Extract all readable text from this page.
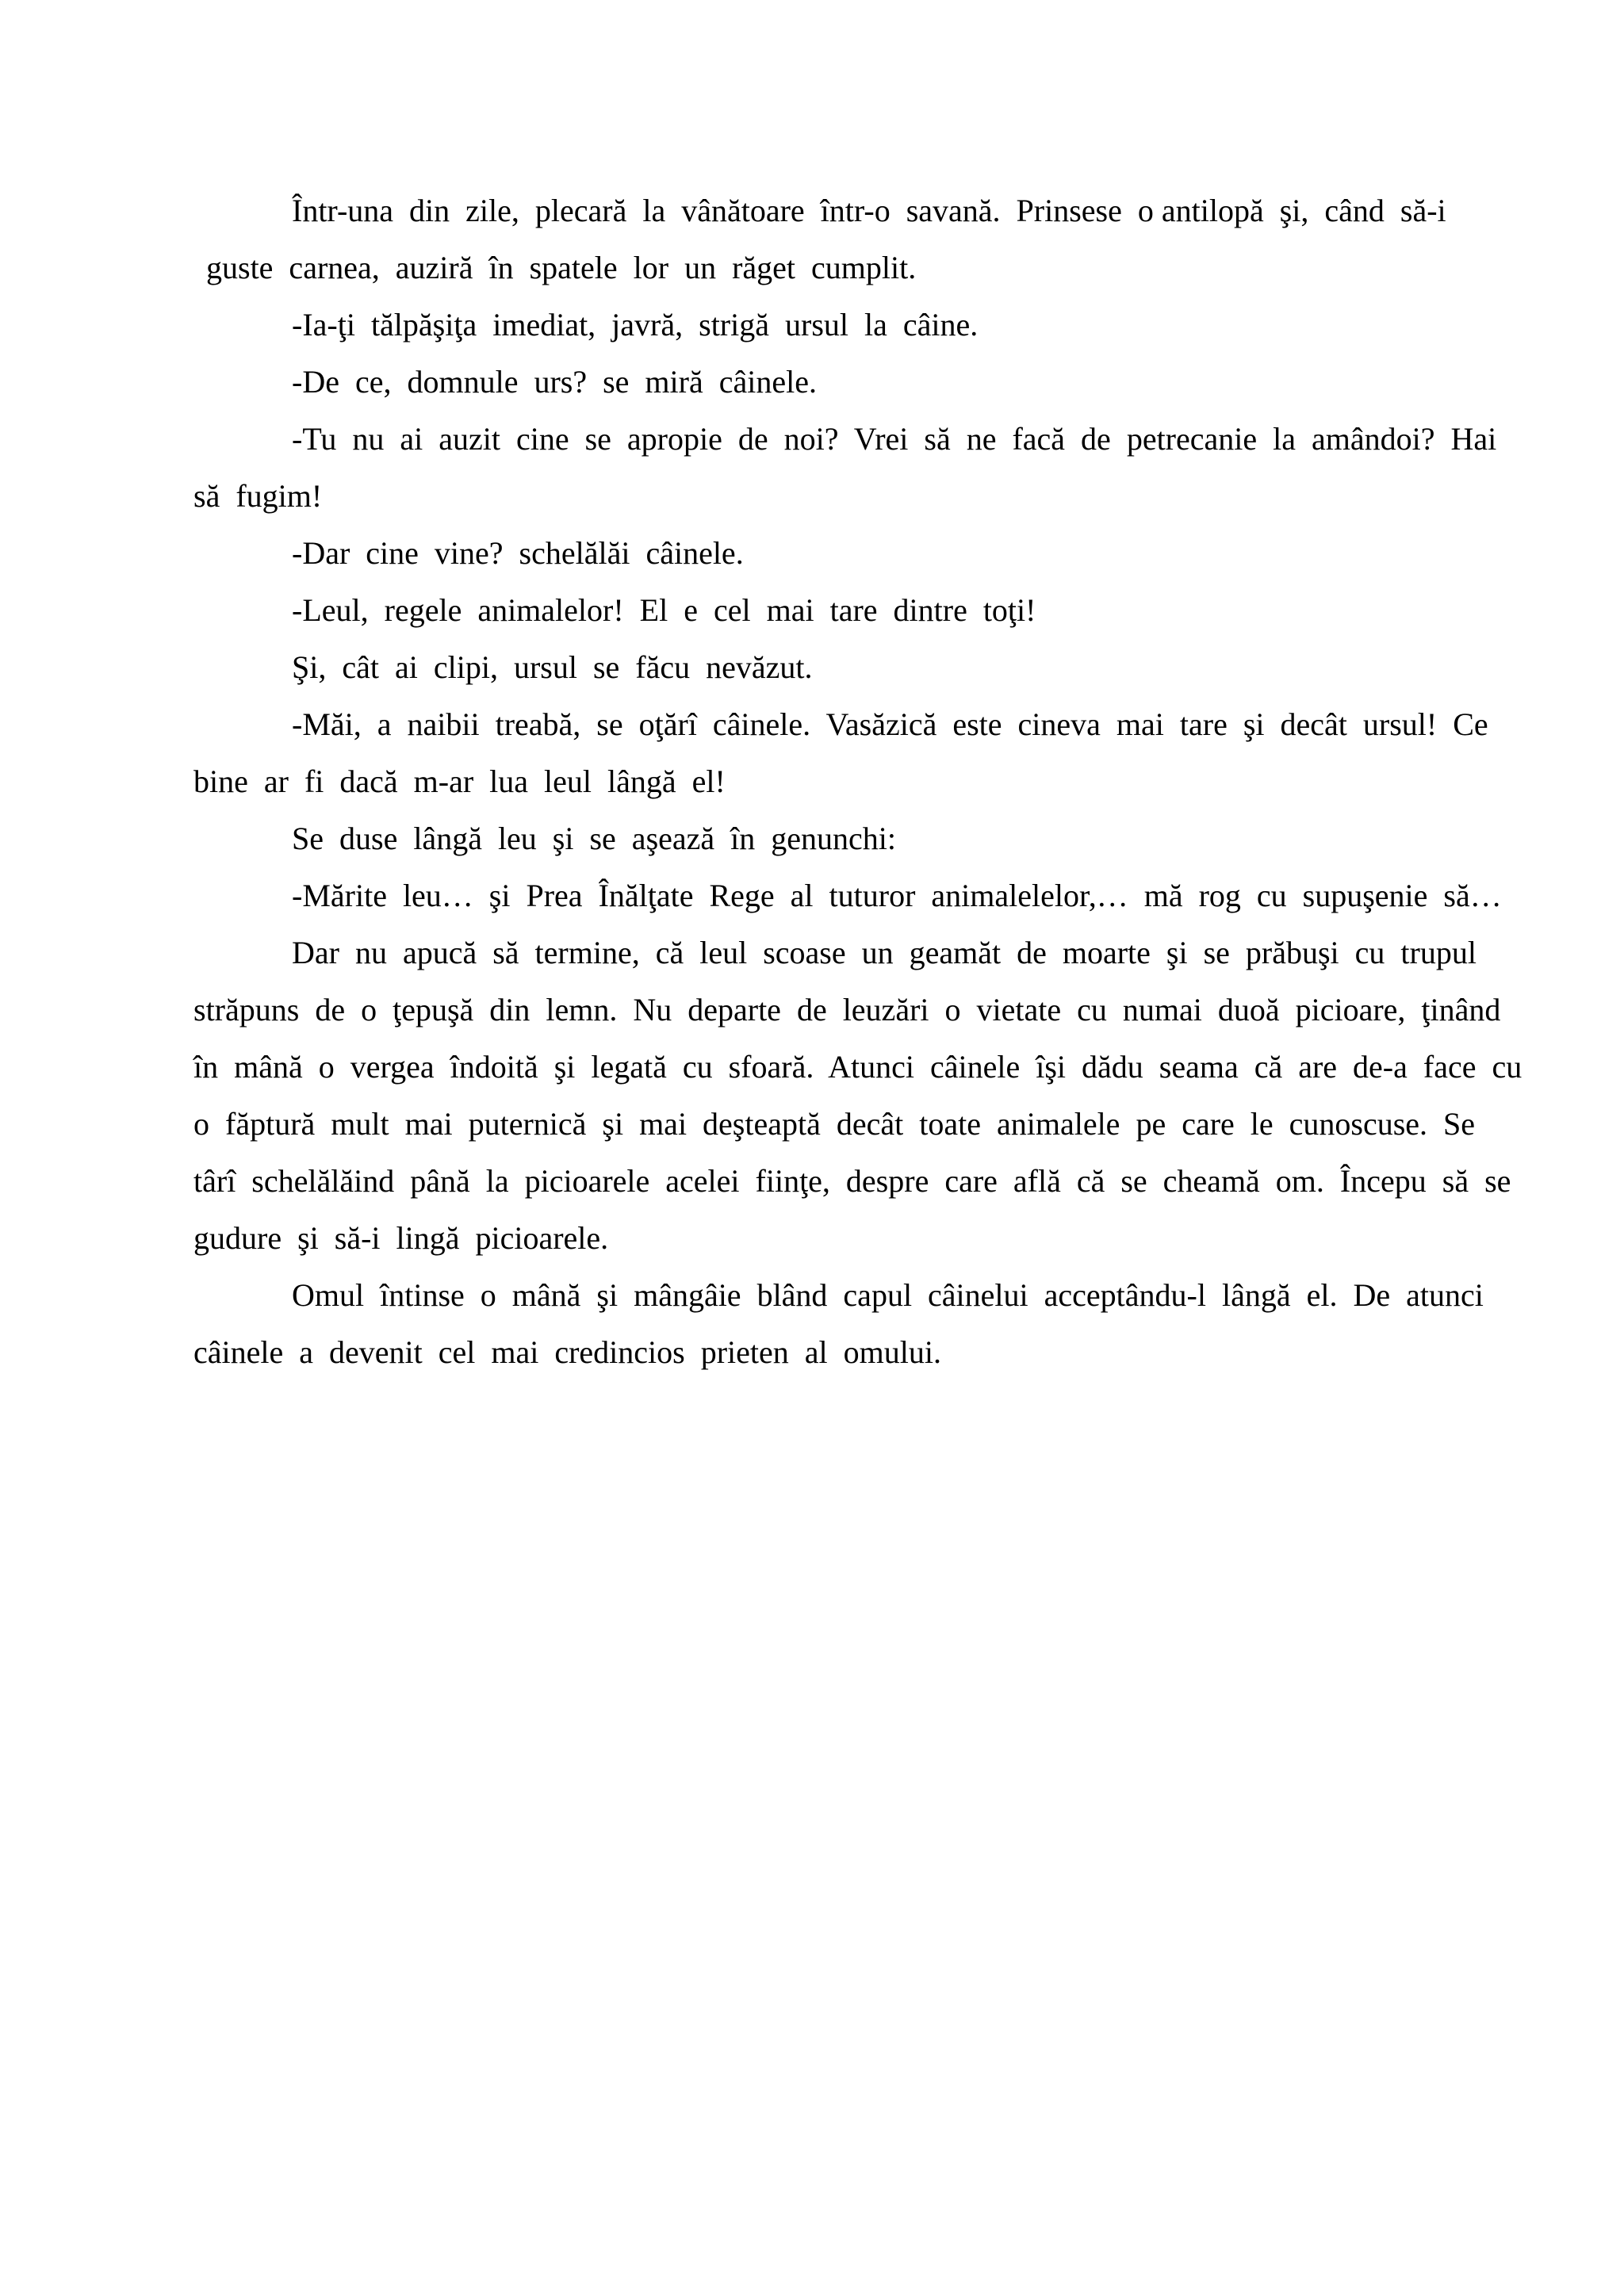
Într-una  din  zile,  plecară  la  vânătoare  într-o  savană.  Prinsese  o antilopă  şi,  când  să-i

guste  carnea,  auziră  în  spatele  lor  un  răget  cumplit.

-Ia-ţi  tălpăşiţa  imediat,  javră,  strigă  ursul  la  câine.

-De  ce,  domnule  urs?  se  miră  câinele.

-Tu  nu  ai  auzit  cine  se  apropie  de  noi?  Vrei  să  ne  facă  de  petrecanie  la  amândoi?  Hai

să  fugim!

-Dar  cine  vine?  schelălăi  câinele.

-Leul,  regele  animalelor!  El  e  cel  mai  tare  dintre  toţi!

Şi,  cât  ai  clipi,  ursul  se  făcu  nevăzut.

-Măi,  a  naibii  treabă,  se  oţărî  câinele.  Vasăzică  este  cineva  mai  tare  şi  decât  ursul!  Ce

bine  ar  fi  dacă  m-ar  lua  leul  lângă  el!

Se  duse  lângă  leu  şi  se  aşează  în  genunchi:

-Mărite  leu…  şi  Prea  Înălţate  Rege  al  tuturor  animalelelor,…  mă  rog  cu  supuşenie  să…

Dar  nu  apucă  să  termine,  că  leul  scoase  un  geamăt  de  moarte  şi  se  prăbuşi  cu  trupul

străpuns  de  o  ţepuşă  din  lemn.  Nu  departe  de  leuzări  o  vietate  cu  numai  duoă  picioare,  ţinând

în  mână  o  vergea  îndoită  şi  legată  cu  sfoară.  Atunci  câinele  îşi  dădu  seama  că  are  de-a  face  cu

o  făptură  mult  mai  puternică  şi  mai  deşteaptă  decât  toate  animalele  pe  care  le  cunoscuse.  Se

târî  schelălăind  până  la  picioarele  acelei  fiinţe,  despre  care  află  că  se  cheamă  om.  Începu  să  se

gudure  şi  să-i  lingă  picioarele.

Omul  întinse  o  mână  şi  mângâie  blând  capul  câinelui  acceptându-l  lângă  el.  De  atunci

câinele  a  devenit  cel  mai  credincios  prieten  al  omului.
